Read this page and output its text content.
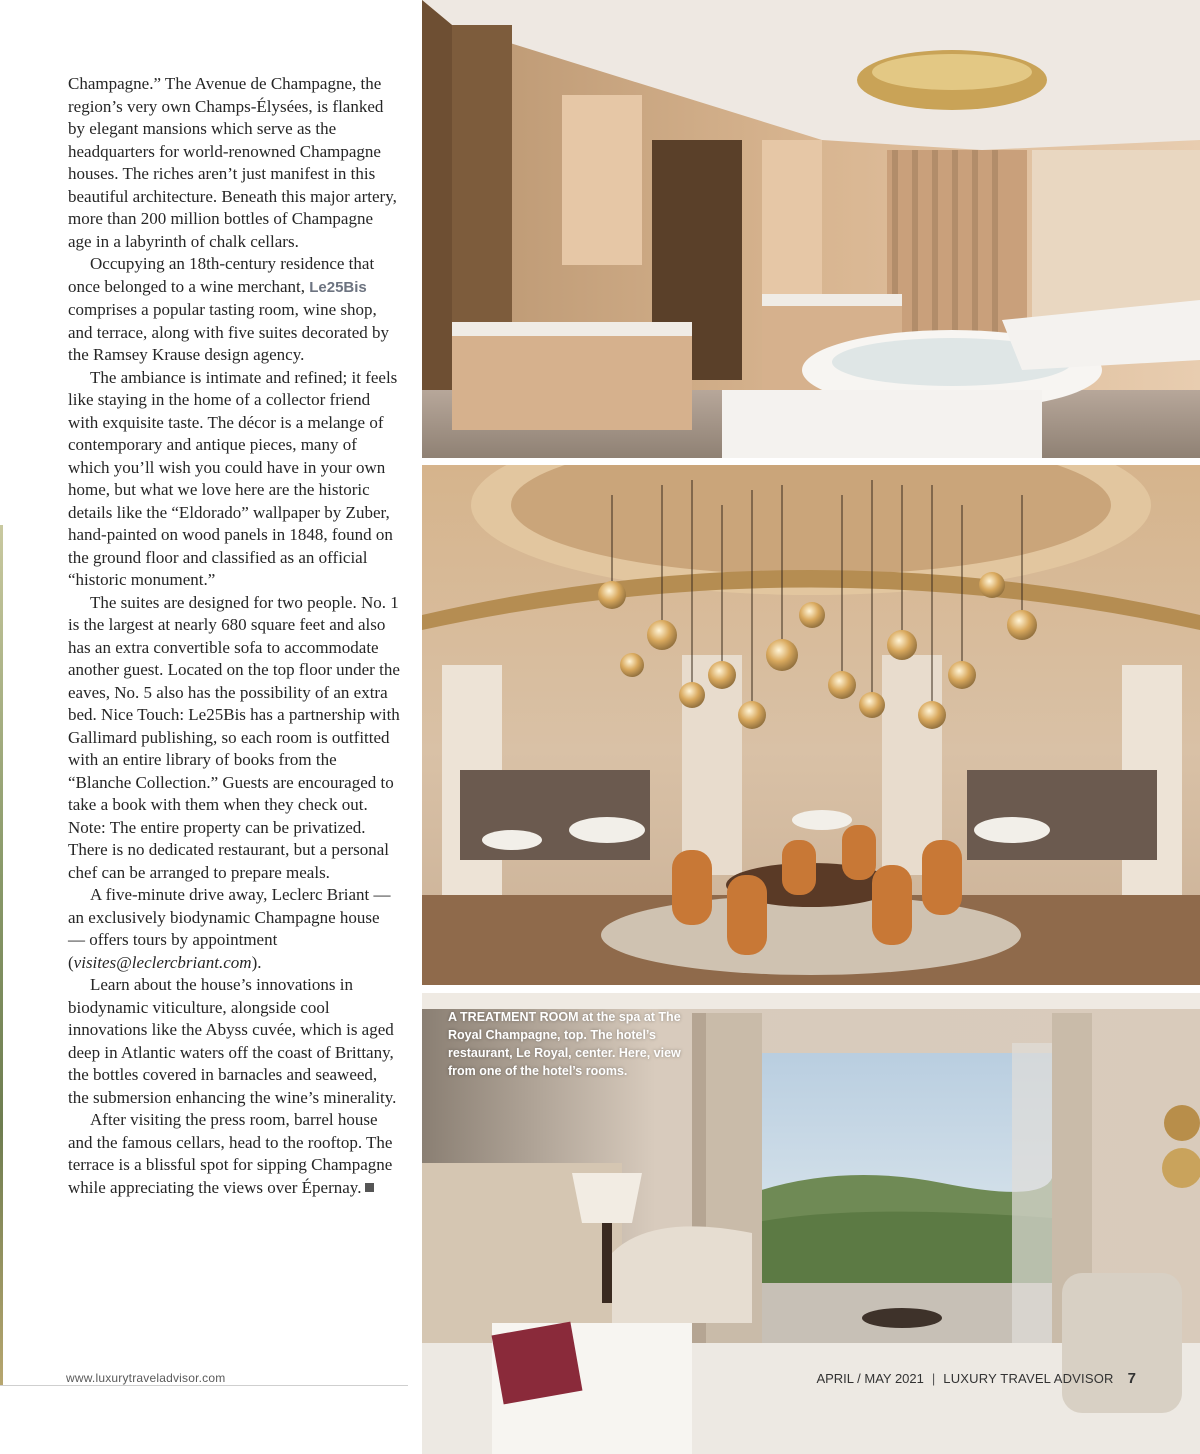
Champagne.” The Avenue de Champagne, the region’s very own Champs-Élysées, is flanked by elegant mansions which serve as the headquarters for world-renowned Champagne houses. The riches aren’t just manifest in this beautiful architecture. Beneath this major artery, more than 200 million bottles of Champagne age in a labyrinth of chalk cellars.

Occupying an 18th-century residence that once belonged to a wine merchant, Le25Bis comprises a popular tasting room, wine shop, and terrace, along with five suites decorated by the Ramsey Krause design agency.

The ambiance is intimate and refined; it feels like staying in the home of a collector friend with exquisite taste. The décor is a melange of contemporary and antique pieces, many of which you’ll wish you could have in your own home, but what we love here are the historic details like the “Eldorado” wallpaper by Zuber, hand-painted on wood panels in 1848, found on the ground floor and classified as an official “historic monument.”

The suites are designed for two people. No. 1 is the largest at nearly 680 square feet and also has an extra convertible sofa to accommodate another guest. Located on the top floor under the eaves, No. 5 also has the possibility of an extra bed. Nice Touch: Le25Bis has a partnership with Gallimard publishing, so each room is outfitted with an entire library of books from the “Blanche Collection.” Guests are encouraged to take a book with them when they check out. Note: The entire property can be privatized. There is no dedicated restaurant, but a personal chef can be arranged to prepare meals.

A five-minute drive away, Leclerc Briant — an exclusively biodynamic Champagne house — offers tours by appointment (visites@leclercbriant.com).

Learn about the house’s innovations in biodynamic viticulture, alongside cool innovations like the Abyss cuvée, which is aged deep in Atlantic waters off the coast of Brittany, the bottles covered in barnacles and seaweed, the submersion enhancing the wine’s minerality.

After visiting the press room, barrel house and the famous cellars, head to the rooftop. The terrace is a blissful spot for sipping Champagne while appreciating the views over Épernay.

A TREATMENT ROOM at the spa at The Royal Champagne, top. The hotel’s restaurant, Le Royal, center. Here, view from one of the hotel’s rooms.
www.luxurytraveladvisor.com	APRIL / MAY 2021 | LUXURY TRAVEL ADVISOR 7
